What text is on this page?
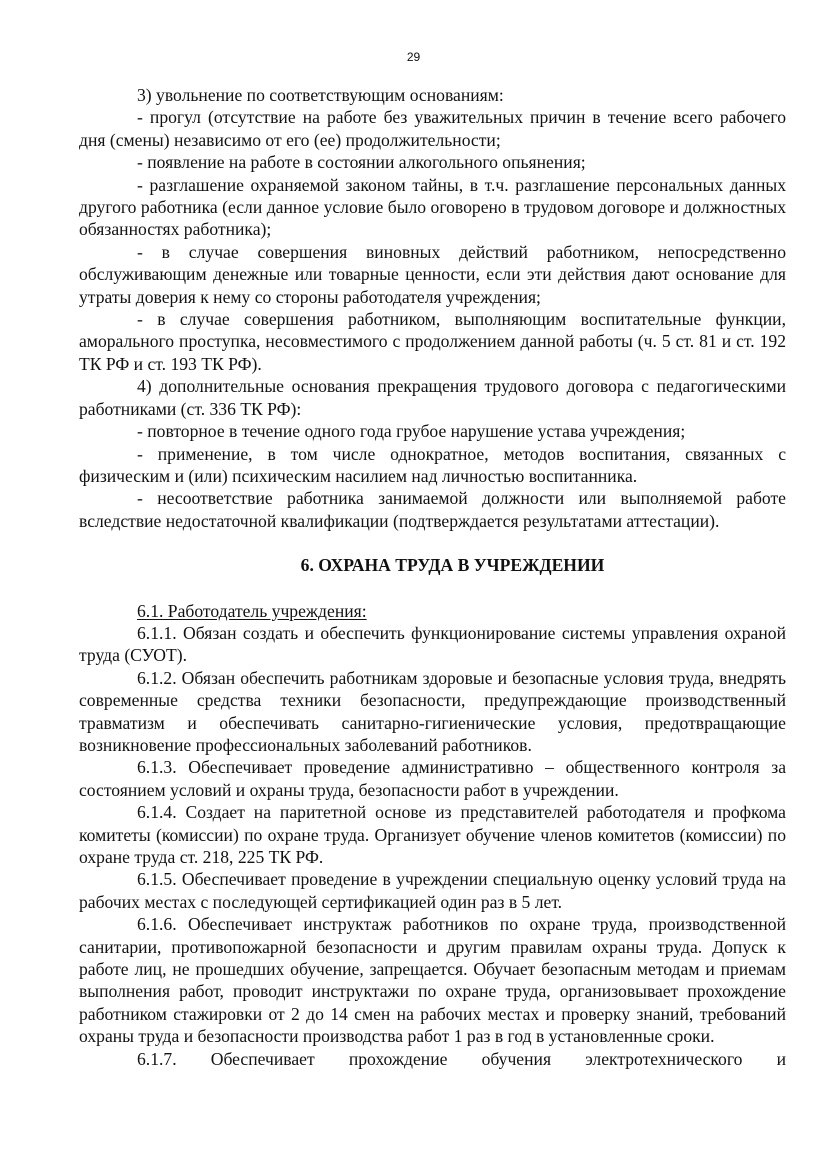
29

3) увольнение по соответствующим основаниям:

- прогул (отсутствие на работе без уважительных причин в течение всего рабочего дня (смены) независимо от его (ее) продолжительности;

- появление на работе в состоянии алкогольного опьянения;

- разглашение охраняемой законом тайны, в т.ч. разглашение персональных данных другого работника (если данное условие было оговорено в трудовом договоре и должностных обязанностях работника);

- в случае совершения виновных действий работником, непосредственно обслуживающим денежные или товарные ценности, если эти действия дают основание для утраты доверия к нему со стороны работодателя учреждения;

- в случае совершения работником, выполняющим воспитательные функции, аморального проступка, несовместимого с продолжением данной работы (ч. 5 ст. 81 и ст. 192 ТК РФ и ст. 193 ТК РФ).

4) дополнительные основания прекращения трудового договора с педагогическими работниками (ст. 336 ТК РФ):

- повторное в течение одного года грубое нарушение устава учреждения;

- применение, в том числе однократное, методов воспитания, связанных с физическим и (или) психическим насилием над личностью воспитанника.

- несоответствие работника занимаемой должности или выполняемой работе вследствие недостаточной квалификации (подтверждается результатами аттестации).

6. ОХРАНА ТРУДА В УЧРЕЖДЕНИИ

6.1. Работодатель учреждения:

6.1.1. Обязан создать и обеспечить функционирование системы управления охраной труда (СУОТ).

6.1.2. Обязан обеспечить работникам здоровые и безопасные условия труда, внедрять современные средства техники безопасности, предупреждающие производственный травматизм и обеспечивать санитарно-гигиенические условия, предотвращающие возникновение профессиональных заболеваний работников.

6.1.3. Обеспечивает проведение административно – общественного контроля за состоянием условий и охраны труда, безопасности работ в учреждении.

6.1.4. Создает на паритетной основе из представителей работодателя и профкома комитеты (комиссии) по охране труда. Организует обучение членов комитетов (комиссии) по охране труда ст. 218, 225 ТК РФ.

6.1.5. Обеспечивает проведение в учреждении специальную оценку условий труда на рабочих местах с последующей сертификацией один раз в 5 лет.

6.1.6. Обеспечивает инструктаж работников по охране труда, производственной санитарии, противопожарной безопасности и другим правилам охраны труда. Допуск к работе лиц, не прошедших обучение, запрещается. Обучает безопасным методам и приемам выполнения работ, проводит инструктажи по охране труда, организовывает прохождение работником стажировки от 2 до 14 смен на рабочих местах и проверку знаний, требований охраны труда и безопасности производства работ 1 раз в год в установленные сроки.

6.1.7. Обеспечивает прохождение обучения электротехнического и
